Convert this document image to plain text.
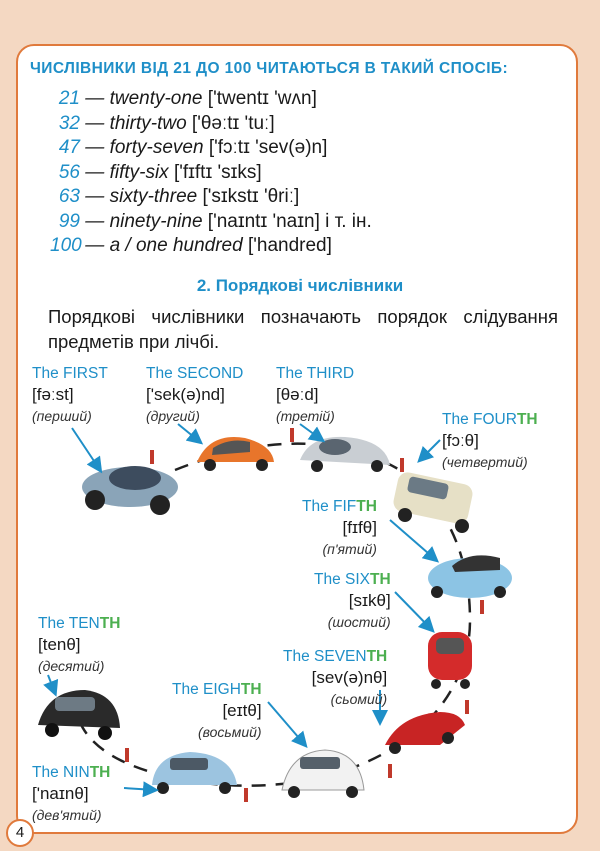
ЧИСЛІВНИКИ ВІД 21 ДО 100 ЧИТАЮТЬСЯ В ТАКИЙ СПОСІБ:
21 — twenty-one ['twentɪ 'wʌn]
32 — thirty-two ['θəːtɪ 'tuː]
47 — forty-seven ['fɔːtɪ 'sev(ə)n]
56 — fifty-six ['fɪftɪ 'sɪks]
63 — sixty-three ['sɪkstɪ 'θriː]
99 — ninety-nine ['naɪntɪ 'naɪn] і т. ін.
100 — a / one hundred ['handred]
2. Порядкові числівники
Порядкові числівники позначають порядок слідування предметів при лічбі.
The FIRST
[fəːst]
(перший)
The SECOND
['sek(ə)nd]
(другий)
The THIRD
[θəːd]
(третій)	The FOURTH
[fɔːθ]
(четвертий)
The FIFTH
[fɪfθ]
(п'ятий)
The SIXTH
[sɪkθ]
(шостий)
The SEVENTH
[sev(ə)nθ]
(сьомий)
The EIGHTH
[eɪtθ]
(восьмий)
The NINTH
['naɪnθ]
(дев'ятий)
The TENTH
[tenθ]
(десятий)
4
